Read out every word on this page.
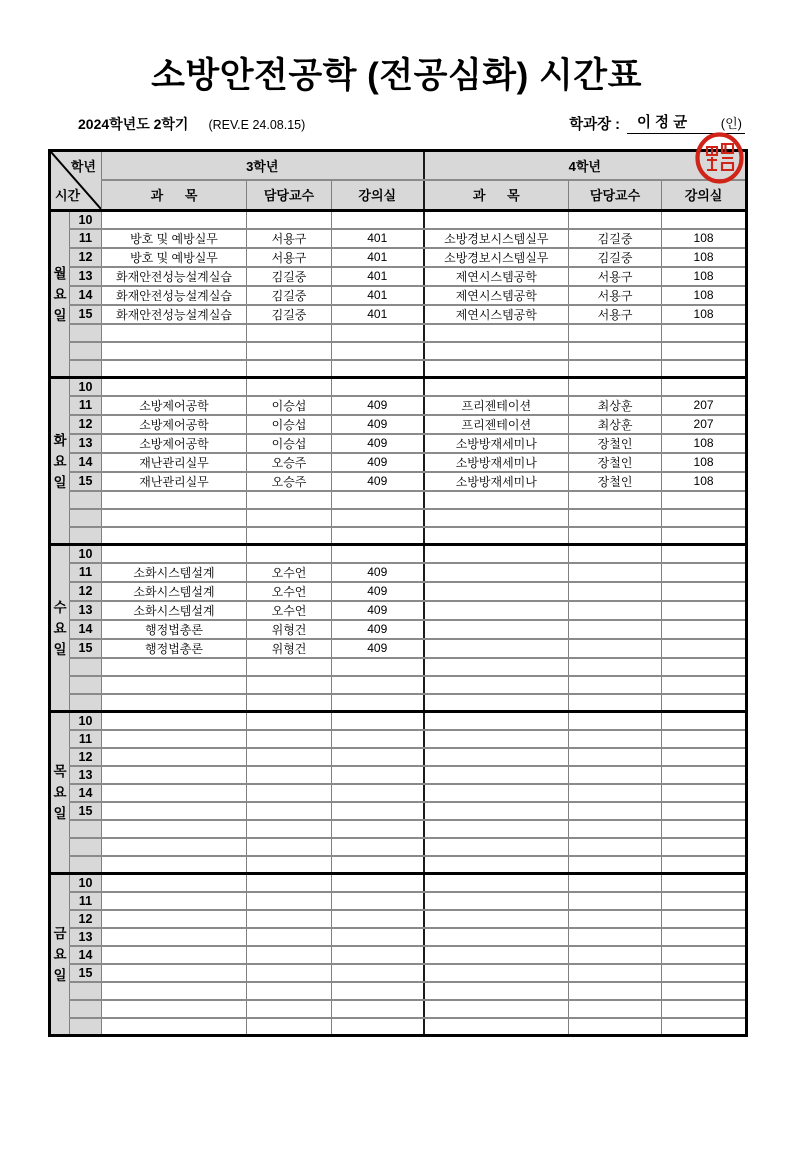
소방안전공학 (전공심화) 시간표
2024학년도 2학기 (REV.E 24.08.15)	학과장 : 이 정 균	(인)
학년
시간		3학년			4학년		
		과      목	담당교수	강의실	과      목	담당교수	강의실

월
요
일	10						
	11	방호 및 예방실무	서용구	401	소방경보시스템실무	김길중	108
	12	방호 및 예방실무	서용구	401	소방경보시스템실무	김길중	108
	13	화재안전성능설계실습	김길중	401	제연시스템공학	서용구	108
	14	화재안전성능설계실습	김길중	401	제연시스템공학	서용구	108
	15	화재안전성능설계실습	김길중	401	제연시스템공학	서용구	108

화
요
일	10						
	11	소방제어공학	이승섭	409	프리젠테이션	최상훈	207
	12	소방제어공학	이승섭	409	프리젠테이션	최상훈	207
	13	소방제어공학	이승섭	409	소방방재세미나	장철인	108
	14	재난관리실무	오승주	409	소방방재세미나	장철인	108
	15	재난관리실무	오승주	409	소방방재세미나	장철인	108

수
요
일	10						
	11	소화시스템설계	오수언	409			
	12	소화시스템설계	오수언	409			
	13	소화시스템설계	오수언	409			
	14	행정법총론	위형건	409			
	15	행정법총론	위형건	409			

목
요
일	10						
	11						
	12						
	13						
	14						
	15						

금
요
일	10						
	11						
	12						
	13						
	14						
	15						
